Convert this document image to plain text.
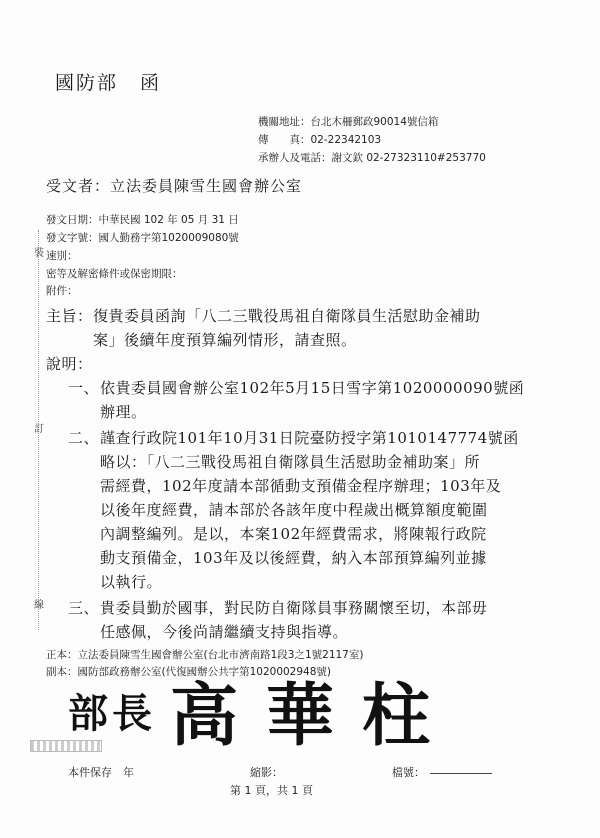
國防部 函
機關地址：台北木柵郵政90014號信箱
傳　　真：02-22342103
承辦人及電話：謝文欽 02-27323110#253770
受文者：立法委員陳雪生國會辦公室
發文日期：中華民國 102 年 05 月 31 日
發文字號：國人勤務字第1020009080號
速別：
密等及解密條件或保密期限：
附件：
裝
訂
線
主旨： 復貴委員函詢「八二三戰役馬祖自衛隊員生活慰助金補助
案」後續年度預算編列情形，請查照。
說明：
一、 依貴委員國會辦公室102年5月15日雪字第1020000090號函
辦理。
二、 謹查行政院101年10月31日院臺防授字第1010147774號函
略以：「八二三戰役馬祖自衛隊員生活慰助金補助案」所
需經費，102年度請本部循動支預備金程序辦理；103年及
以後年度經費，請本部於各該年度中程歲出概算額度範圍
內調整編列。是以，本案102年經費需求，將陳報行政院
動支預備金，103年及以後經費，納入本部預算編列並據
以執行。
三、 貴委員勤於國事，對民防自衛隊員事務關懷至切，本部毋
任感佩，今後尚請繼續支持與指導。
正本：立法委員陳雪生國會辦公室(台北市濟南路1段3之1號2117室)
副本：國防部政務辦公室(代復國辦公共字第1020002948號)
部長 高華柱
本件保存　年	縮影：	檔號：
第 1 頁，共 1 頁
